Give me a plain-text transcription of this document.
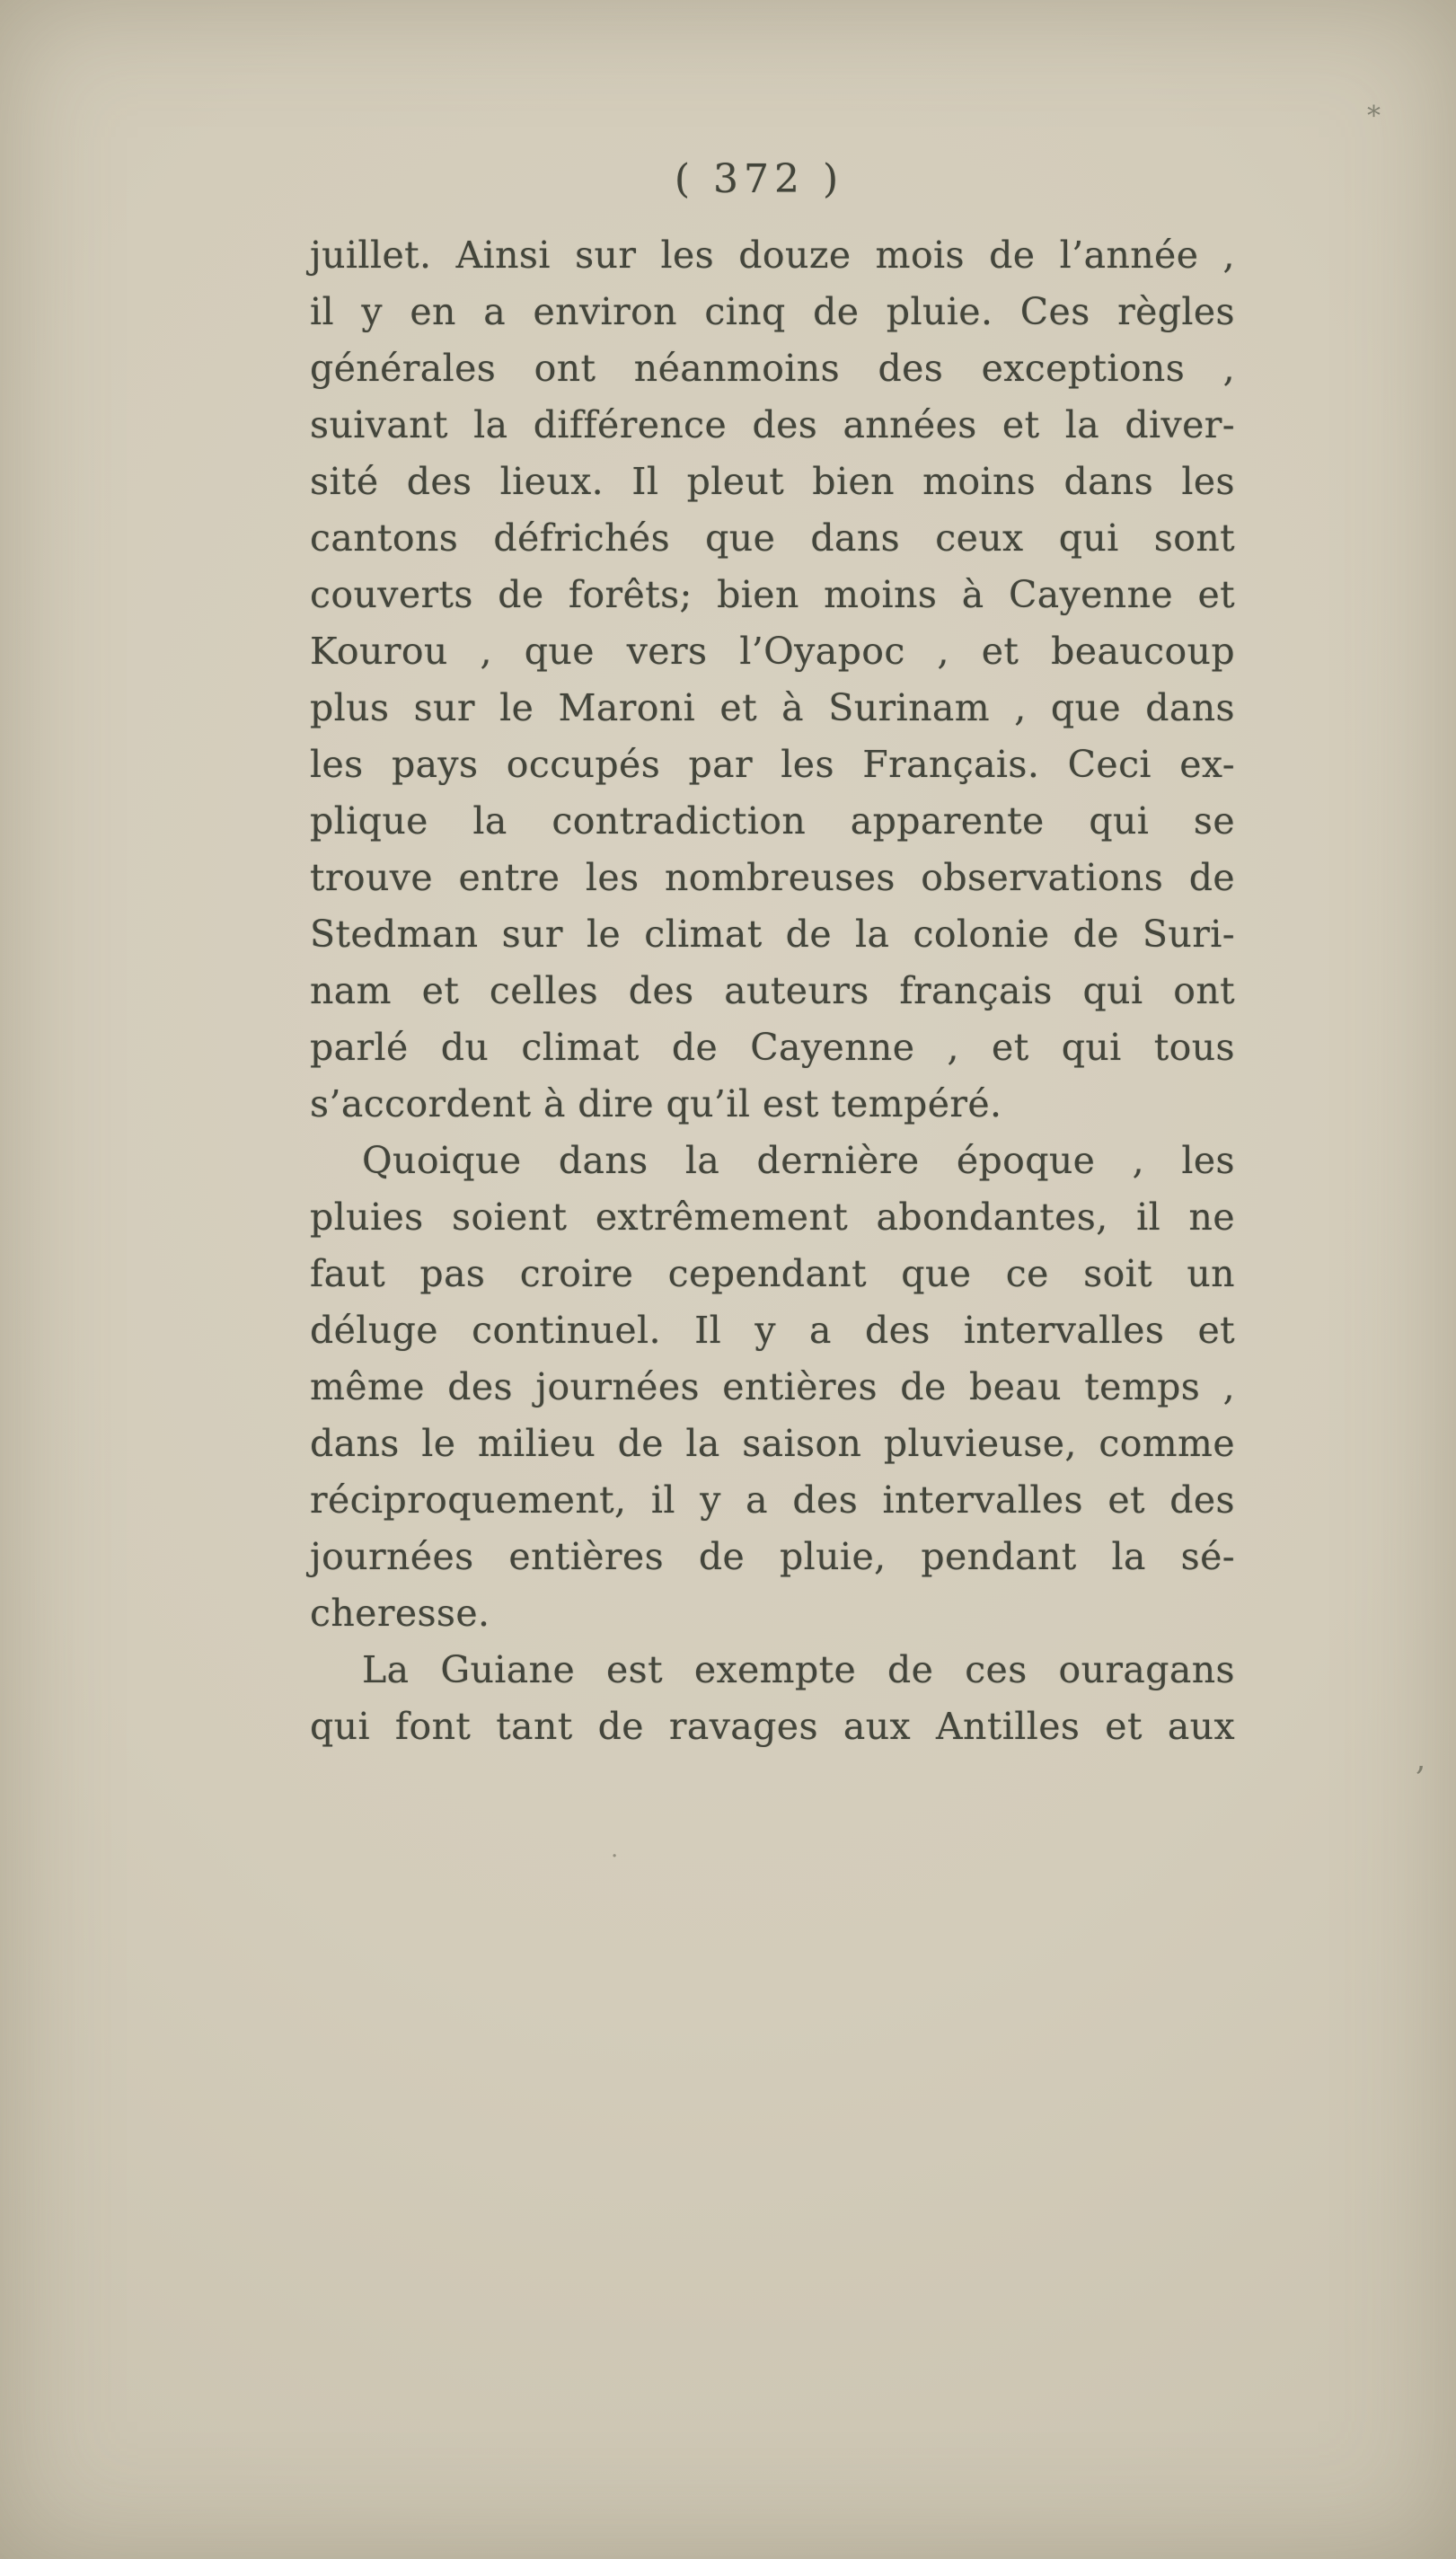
( 372 )
juillet. Ainsi sur les douze mois de l’année ,
il y en a environ cinq de pluie. Ces règles
générales ont néanmoins des exceptions ,
suivant la différence des années et la diver-
sité des lieux. Il pleut bien moins dans les
cantons défrichés que dans ceux qui sont
couverts de forêts; bien moins à Cayenne et
Kourou , que vers l’Oyapoc , et beaucoup
plus sur le Maroni et à Surinam , que dans
les pays occupés par les Français. Ceci ex-
plique la contradiction apparente qui se
trouve entre les nombreuses observations de
Stedman sur le climat de la colonie de Suri-
nam et celles des auteurs français qui ont
parlé du climat de Cayenne , et qui tous
s’accordent à dire qu’il est tempéré.
Quoique dans la dernière époque , les
pluies soient extrêmement abondantes, il ne
faut pas croire cependant que ce soit un
déluge continuel. Il y a des intervalles et
même des journées entières de beau temps ,
dans le milieu de la saison pluvieuse, comme
réciproquement, il y a des intervalles et des
journées entières de pluie, pendant la sé-
cheresse.
La Guiane est exempte de ces ouragans
qui font tant de ravages aux Antilles et aux
*
,
·
